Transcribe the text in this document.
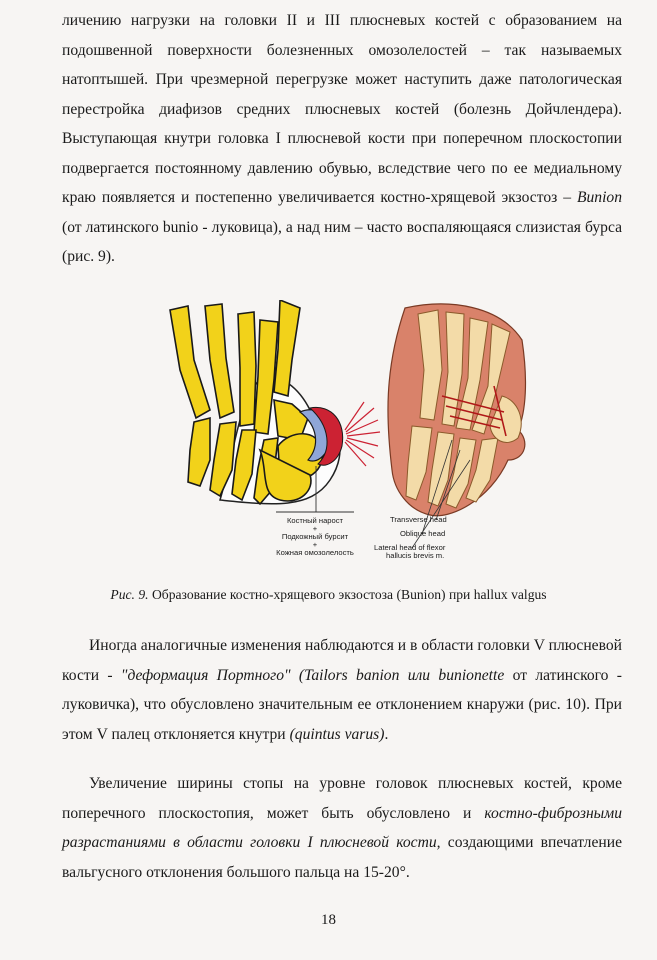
личению нагрузки на головки II и III плюсневых костей с образованием на подошвенной поверхности болезненных омозолелостей – так называемых натоптышей. При чрезмерной перегрузке может наступить даже патологическая перестройка диафизов средних плюсневых костей (болезнь Дойчлендера). Выступающая кнутри головка I плюсневой кости при поперечном плоскостопии подвергается постоянному давлению обувью, вследствие чего по ее медиальному краю появляется и постепенно увеличивается костно-хрящевой экзостоз – Bunion (от латинского bunio - луковица), а над ним – часто воспаляющаяся слизистая бурса (рис. 9).

Костный нарост
+
Подкожный бурсит
+
Кожная омозолелость
Transverse head
Oblique head
Lateral head of flexor
hallucis brevis m.
Рис. 9. Образование костно-хрящевого экзостоза (Bunion) при hallux valgus

Иногда аналогичные изменения наблюдаются и в области головки V плюсневой кости - "деформация Портного" (Tailors banion или bunionette от латинского - луковичка), что обусловлено значительным ее отклонением кнаружи (рис. 10). При этом V палец отклоняется кнутри (quintus varus).

Увеличение ширины стопы на уровне головок плюсневых костей, кроме поперечного плоскостопия, может быть обусловлено и костно-фиброзными разрастаниями в области головки I плюсневой кости, создающими впечатление вальгусного отклонения большого пальца на 15-20°.

18
